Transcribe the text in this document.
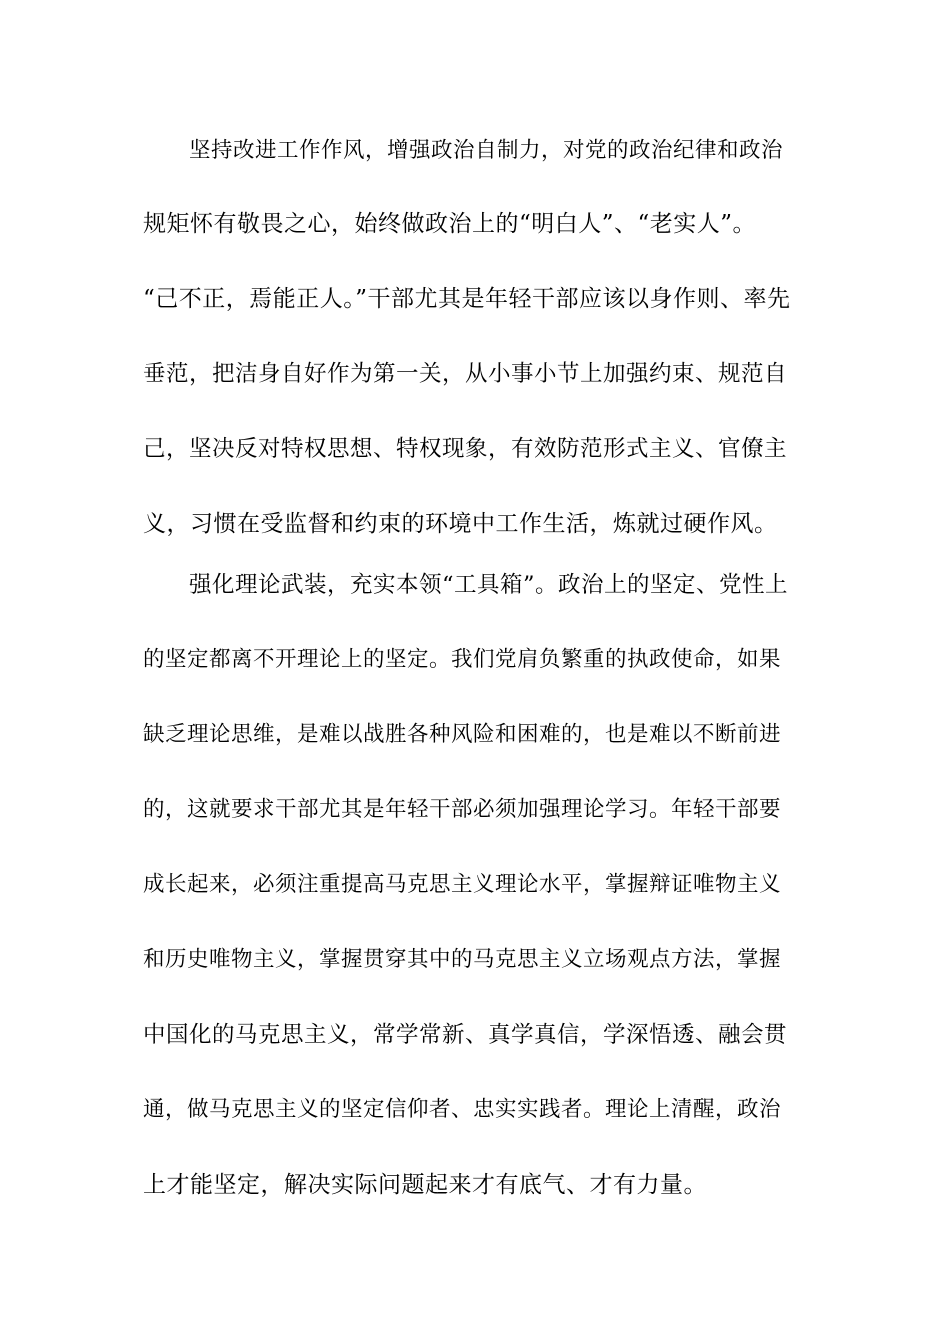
坚持改进工作作风，增强政治自制力，对党的政治纪律和政治
规矩怀有敬畏之心，始终做政治上的“明白人”、“老实人”。
“己不正，焉能正人。”干部尤其是年轻干部应该以身作则、率先
垂范，把洁身自好作为第一关，从小事小节上加强约束、规范自
己，坚决反对特权思想、特权现象，有效防范形式主义、官僚主
义，习惯在受监督和约束的环境中工作生活，炼就过硬作风。
强化理论武装，充实本领“工具箱”。政治上的坚定、党性上
的坚定都离不开理论上的坚定。我们党肩负繁重的执政使命，如果
缺乏理论思维，是难以战胜各种风险和困难的，也是难以不断前进
的，这就要求干部尤其是年轻干部必须加强理论学习。年轻干部要
成长起来，必须注重提高马克思主义理论水平，掌握辩证唯物主义
和历史唯物主义，掌握贯穿其中的马克思主义立场观点方法，掌握
中国化的马克思主义，常学常新、真学真信，学深悟透、融会贯
通，做马克思主义的坚定信仰者、忠实实践者。理论上清醒，政治
上才能坚定，解决实际问题起来才有底气、才有力量。
